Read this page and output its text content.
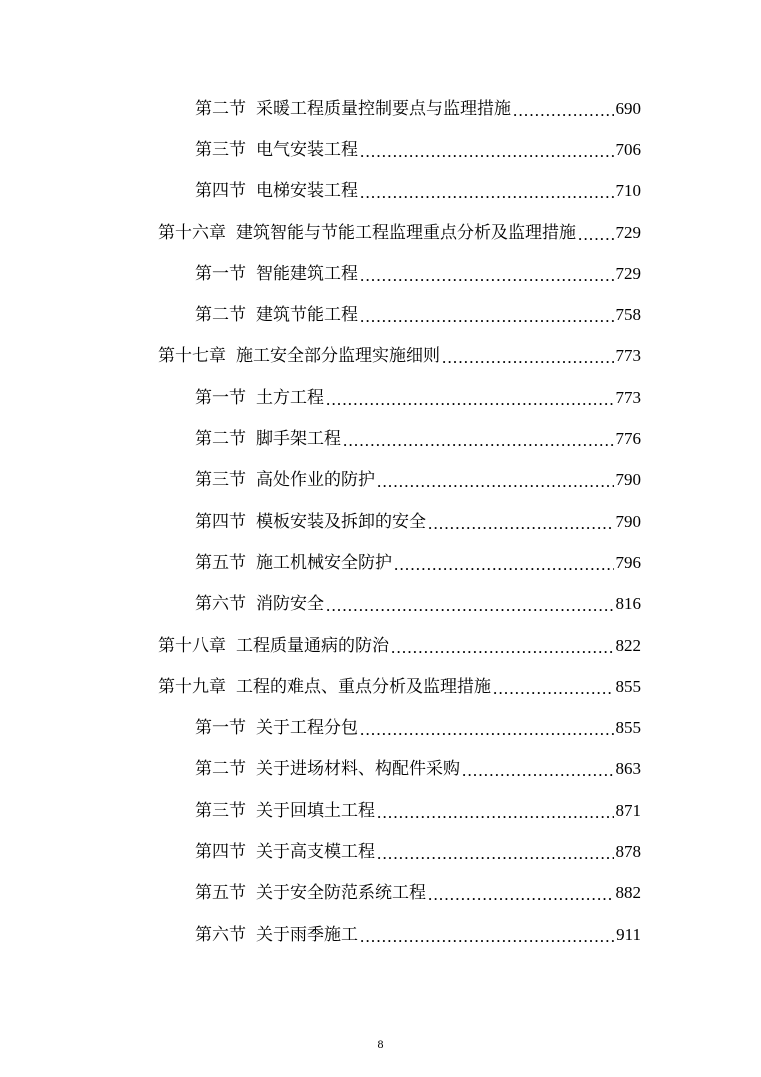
第二节 采暖工程质量控制要点与监理措施 .....	690
第三节 电气安装工程 .....	706
第四节 电梯安装工程 .....	710
第十六章 建筑智能与节能工程监理重点分析及监理措施 ..... 729
第一节 智能建筑工程 .....	729
第二节 建筑节能工程 .....	758
第十七章 施工安全部分监理实施细则 .....	773
第一节 土方工程 .....	773
第二节 脚手架工程 .....	776
第三节 高处作业的防护 .....	790
第四节 模板安装及拆卸的安全 .....	790
第五节 施工机械安全防护 .....	796
第六节 消防安全 .....	816
第十八章 工程质量通病的防治 .....	822
第十九章 工程的难点、重点分析及监理措施 .....	855
第一节 关于工程分包 .....	855
第二节 关于进场材料、构配件采购 .....	863
第三节 关于回填土工程 .....	871
第四节 关于高支模工程 .....	878
第五节 关于安全防范系统工程 .....	882
第六节 关于雨季施工 .....	911
8
